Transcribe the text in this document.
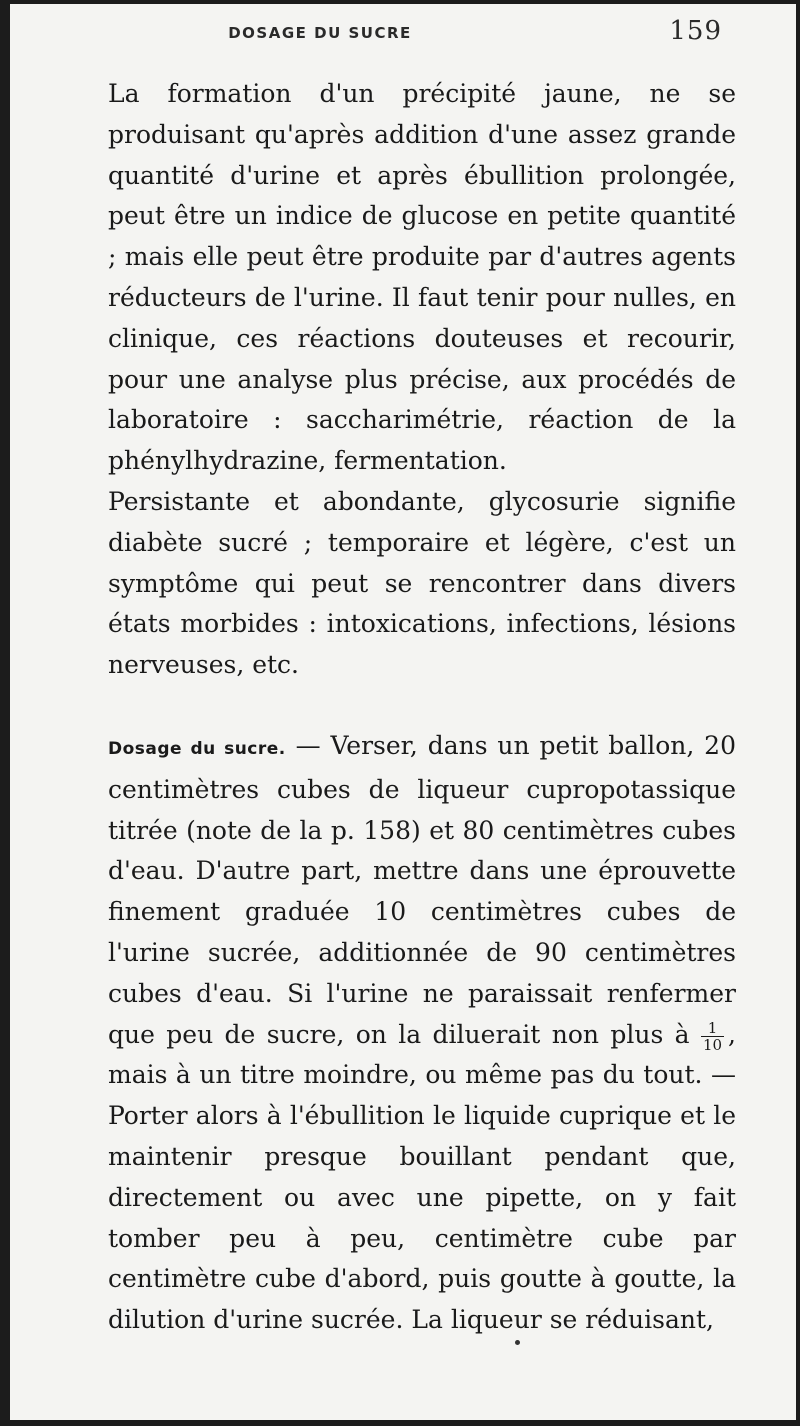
DOSAGE DU SUCRE	159

La formation d'un précipité jaune, ne se produisant qu'après addition d'une assez grande quantité d'urine et après ébullition prolongée, peut être un indice de glucose en petite quantité ; mais elle peut être produite par d'autres agents réducteurs de l'urine. Il faut tenir pour nulles, en clinique, ces réactions douteuses et recourir, pour une analyse plus précise, aux procédés de laboratoire : saccharimétrie, réaction de la phénylhydrazine, fermentation.

Persistante et abondante, glycosurie signifie diabète sucré ; temporaire et légère, c'est un symptôme qui peut se rencontrer dans divers états morbides : intoxications, infections, lésions nerveuses, etc.

Dosage du sucre. — Verser, dans un petit ballon, 20 centimètres cubes de liqueur cupropotassique titrée (note de la p. 158) et 80 centimètres cubes d'eau. D'autre part, mettre dans une éprouvette finement graduée 10 centimètres cubes de l'urine sucrée, additionnée de 90 centimètres cubes d'eau. Si l'urine ne paraissait renfermer que peu de sucre, on la diluerait non plus à $\frac{1}{10}$ , mais à un titre moindre, ou même pas du tout. — Porter alors à l'ébullition le liquide cuprique et le maintenir presque bouillant pendant que, directement ou avec une pipette, on y fait tomber peu à peu, centimètre cube par centimètre cube d'abord, puis goutte à goutte, la dilution d'urine sucrée. La liqueur se réduisant,
